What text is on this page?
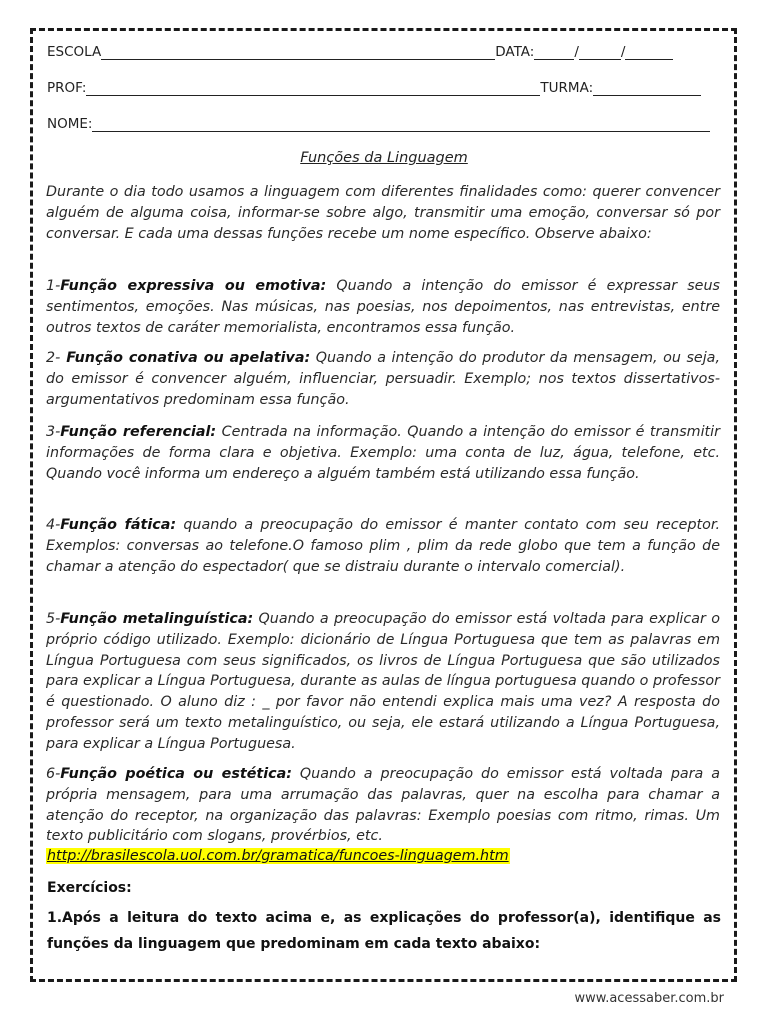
ESCOLA	DATA:	/	/
PROF:	TURMA:
NOME:
Funções da Linguagem
Durante o dia todo usamos a linguagem com diferentes finalidades como: querer convencer alguém de alguma coisa, informar-se sobre algo, transmitir uma emoção, conversar só por conversar. E cada uma dessas funções recebe um nome específico. Observe abaixo:
1-Função expressiva ou emotiva: Quando a intenção do emissor é expressar seus sentimentos, emoções. Nas músicas, nas poesias, nos depoimentos, nas entrevistas, entre outros textos de caráter memorialista, encontramos essa função.
2- Função conativa ou apelativa: Quando a intenção do produtor da mensagem, ou seja, do emissor é convencer alguém, influenciar, persuadir. Exemplo; nos textos dissertativos-argumentativos predominam essa função.
3-Função referencial: Centrada na informação. Quando a intenção do emissor é transmitir informações de forma clara e objetiva. Exemplo: uma conta de luz, água, telefone, etc. Quando você informa um endereço a alguém também está utilizando essa função.
4-Função fática: quando a preocupação do emissor é manter contato com seu receptor. Exemplos: conversas ao telefone.O famoso plim , plim da rede globo que tem a função de chamar a atenção do espectador( que se distraiu durante o intervalo comercial).
5-Função metalinguística: Quando a preocupação do emissor está voltada para explicar o próprio código utilizado. Exemplo: dicionário de Língua Portuguesa que tem as palavras em Língua Portuguesa com seus significados, os livros de Língua Portuguesa que são utilizados para explicar a Língua Portuguesa, durante as aulas de língua portuguesa quando o professor é questionado. O aluno diz : _ por favor não entendi explica mais uma vez? A resposta do professor será um texto metalinguístico, ou seja, ele estará utilizando a Língua Portuguesa, para explicar a Língua Portuguesa.
6-Função poética ou estética: Quando a preocupação do emissor está voltada para a própria mensagem, para uma arrumação das palavras, quer na escolha para chamar a atenção do receptor, na organização das palavras: Exemplo poesias com ritmo, rimas. Um texto publicitário com slogans, provérbios, etc.
http://brasilescola.uol.com.br/gramatica/funcoes-linguagem.htm
Exercícios:
1.Após a leitura do texto acima e, as explicações do professor(a), identifique as funções da linguagem que predominam em cada texto abaixo:
www.acessaber.com.br
